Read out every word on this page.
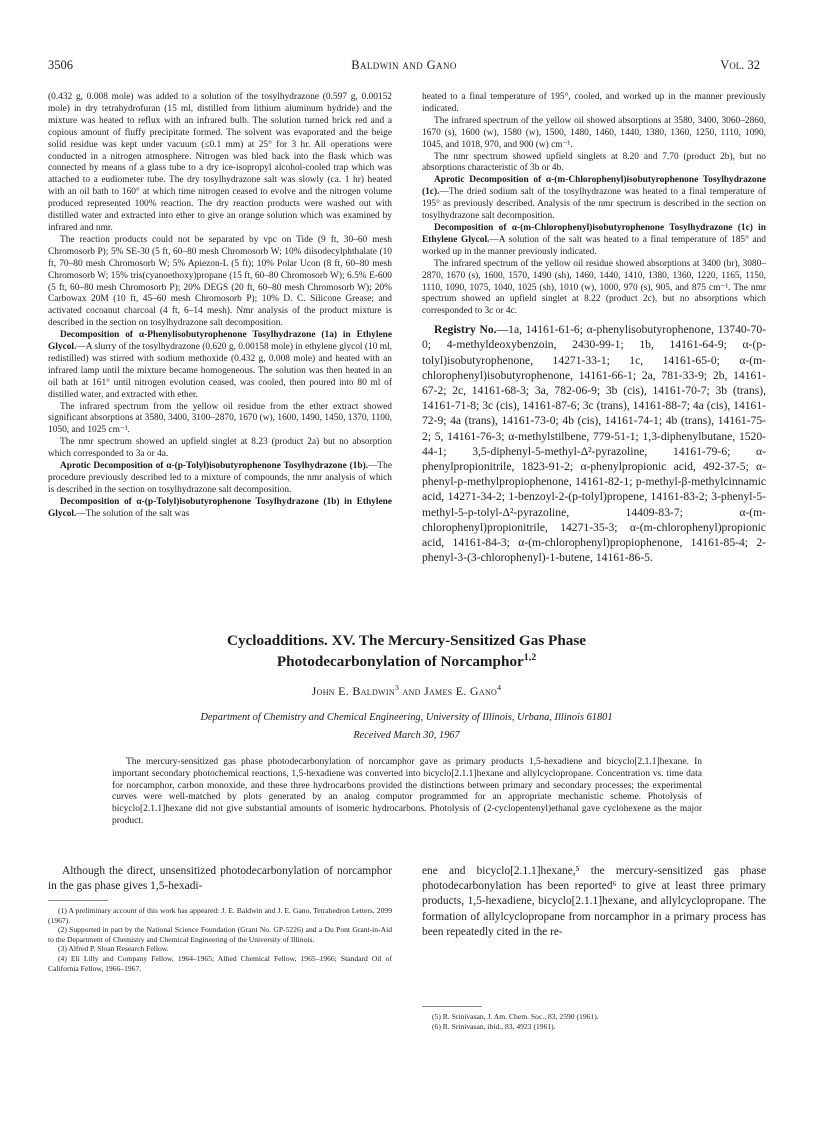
3506	Baldwin and Gano	Vol. 32

(0.432 g, 0.008 mole) was added to a solution of the tosylhydrazone (0.597 g, 0.00152 mole) in dry tetrahydrofuran (15 ml, distilled from lithium aluminum hydride) and the mixture was heated to reflux with an infrared bulb. The solution turned brick red and a copious amount of fluffy precipitate formed. The solvent was evaporated and the beige solid residue was kept under vacuum (≤0.1 mm) at 25° for 3 hr. All operations were conducted in a nitrogen atmosphere. Nitrogen was bled back into the flask which was connected by means of a glass tube to a dry ice-isopropyl alcohol-cooled trap which was attached to a eudiometer tube. The dry tosylhydrazone salt was slowly (ca. 1 hr) heated with an oil bath to 160° at which time nitrogen ceased to evolve and the nitrogen volume produced represented 100% reaction. The dry reaction products were washed out with distilled water and extracted into ether to give an orange solution which was examined by infrared and nmr.

The reaction products could not be separated by vpc on Tide (9 ft, 30–60 mesh Chromosorb P); 5% SE-30 (5 ft, 60–80 mesh Chromosorb W; 10% diisodecylphthalate (10 ft, 70–80 mesh Chromosorb W; 5% Apiezon-L (5 ft); 10% Polar Ucon (8 ft, 60–80 mesh Chromosorb W; 15% tris(cyanoethoxy)propane (15 ft, 60–80 Chromosorb W); 6.5% E-600 (5 ft, 60–80 mesh Chromosorb P); 20% DEGS (20 ft, 60–80 mesh Chromosorb W); 20% Carbowax 20M (10 ft, 45–60 mesh Chromosorb P); 10% D. C. Silicone Grease; and activated cocoanut charcoal (4 ft, 6–14 mesh). Nmr analysis of the product mixture is described in the section on tosylhydrazone salt decomposition.

Decomposition of α-Phenylisobutyrophenone Tosylhydrazone (1a) in Ethylene Glycol.—A slurry of the tosylhydrazone (0.620 g, 0.00158 mole) in ethylene glycol (10 ml, redistilled) was stirred with sodium methoxide (0.432 g, 0.008 mole) and heated with an infrared lamp until the mixture became homogeneous. The solution was then heated in an oil bath at 161° until nitrogen evolution ceased, was cooled, then poured into 80 ml of distilled water, and extracted with ether.

The infrared spectrum from the yellow oil residue from the ether extract showed significant absorptions at 3580, 3400, 3100–2870, 1670 (w), 1600, 1490, 1450, 1370, 1100, 1050, and 1025 cm⁻¹.

The nmr spectrum showed an upfield singlet at 8.23 (product 2a) but no absorption which corresponded to 3a or 4a.

Aprotic Decomposition of α-(p-Tolyl)isobutyrophenone Tosylhydrazone (1b).—The procedure previously described led to a mixture of compounds, the nmr analysis of which is described in the section on tosylhydrazone salt decomposition.

Decomposition of α-(p-Tolyl)isobutyrophenone Tosylhydrazone (1b) in Ethylene Glycol.—The solution of the salt was

heated to a final temperature of 195°, cooled, and worked up in the manner previously indicated.

The infrared spectrum of the yellow oil showed absorptions at 3580, 3400, 3060–2860, 1670 (s), 1600 (w), 1580 (w), 1500, 1480, 1460, 1440, 1380, 1360, 1250, 1110, 1090, 1045, and 1018, 970, and 900 (w) cm⁻¹.

The nmr spectrum showed upfield singlets at 8.20 and 7.70 (product 2b), but no absorptions characteristic of 3b or 4b.

Aprotic Decomposition of α-(m-Chlorophenyl)isobutyrophenone Tosylhydrazone (1c).—The dried sodium salt of the tosylhydrazone was heated to a final temperature of 195° as previously described. Analysis of the nmr spectrum is described in the section on tosylhydrazone salt decomposition.

Decomposition of α-(m-Chlorophenyl)isobutyrophenone Tosylhydrazone (1c) in Ethylene Glycol.—A solution of the salt was heated to a final temperature of 185° and worked up in the manner previously indicated.

The infrared spectrum of the yellow oil residue showed absorptions at 3400 (br), 3080–2870, 1670 (s), 1600, 1570, 1490 (sh), 1460, 1440, 1410, 1380, 1360, 1220, 1165, 1150, 1110, 1090, 1075, 1040, 1025 (sh), 1010 (w), 1000, 970 (s), 905, and 875 cm⁻¹. The nmr spectrum showed an upfield singlet at 8.22 (product 2c), but no absorptions which corresponded to 3c or 4c.

Registry No.—1a, 14161-61-6; α-phenylisobutyrophenone, 13740-70-0; 4-methyldeoxybenzoin, 2430-99-1; 1b, 14161-64-9; α-(p-tolyl)isobutyrophenone, 14271-33-1; 1c, 14161-65-0; α-(m-chlorophenyl)isobutyrophenone, 14161-66-1; 2a, 781-33-9; 2b, 14161-67-2; 2c, 14161-68-3; 3a, 782-06-9; 3b (cis), 14161-70-7; 3b (trans), 14161-71-8; 3c (cis), 14161-87-6; 3c (trans), 14161-88-7; 4a (cis), 14161-72-9; 4a (trans), 14161-73-0; 4b (cis), 14161-74-1; 4b (trans), 14161-75-2; 5, 14161-76-3; α-methylstilbene, 779-51-1; 1,3-diphenylbutane, 1520-44-1; 3,5-diphenyl-5-methyl-Δ²-pyrazoline, 14161-79-6; α-phenylpropionitrile, 1823-91-2; α-phenylpropionic acid, 492-37-5; α-phenyl-p-methylpropiophenone, 14161-82-1; p-methyl-β-methylcinnamic acid, 14271-34-2; 1-benzoyl-2-(p-tolyl)propene, 14161-83-2; 3-phenyl-5-methyl-5-p-tolyl-Δ²-pyrazoline, 14409-83-7; α-(m-chlorophenyl)propionitrile, 14271-35-3; α-(m-chlorophenyl)propionic acid, 14161-84-3; α-(m-chlorophenyl)propiophenone, 14161-85-4; 2-phenyl-3-(3-chlorophenyl)-1-butene, 14161-86-5.

Cycloadditions. XV. The Mercury-Sensitized Gas Phase
Photodecarbonylation of Norcamphor$^{1,2}$
John E. Baldwin$^3$ and James E. Gano$^4$
Department of Chemistry and Chemical Engineering, University of Illinois, Urbana, Illinois 61801
Received March 30, 1967

The mercury-sensitized gas phase photodecarbonylation of norcamphor gave as primary products 1,5-hexadiene and bicyclo[2.1.1]hexane. In important secondary photochemical reactions, 1,5-hexadiene was converted into bicyclo[2.1.1]hexane and allylcyclopropane. Concentration vs. time data for norcamphor, carbon monoxide, and these three hydrocarbons provided the distinctions between primary and secondary processes; the experimental curves were well-matched by plots generated by an analog computor programmed for an appropriate mechanistic scheme. Photolysis of bicyclo[2.1.1]hexane did not give substantial amounts of isomeric hydrocarbons. Photolysis of (2-cyclopentenyl)ethanal gave cyclohexene as the major product.

Although the direct, unsensitized photodecarbonylation of norcamphor in the gas phase gives 1,5-hexadi-

ene and bicyclo[2.1.1]hexane,⁵ the mercury-sensitized gas phase photodecarbonylation has been reported⁶ to give at least three primary products, 1,5-hexadiene, bicyclo[2.1.1]hexane, and allylcyclopropane. The formation of allylcyclopropane from norcamphor in a primary process has been repeatedly cited in the re-

(1) A preliminary account of this work has appeared: J. E. Baldwin and J. E. Gano, Tetrahedron Letters, 2099 (1967).

(2) Supported in part by the National Science Foundation (Grant No. GP-5226) and a Du Pont Grant-in-Aid to the Department of Chemistry and Chemical Engineering of the University of Illinois.

(3) Alfred P. Sloan Research Fellow.

(4) Eli Lilly and Company Fellow, 1964–1965; Allied Chemical Fellow, 1965–1966; Standard Oil of California Fellow, 1966–1967.

(5) R. Srinivasan, J. Am. Chem. Soc., 83, 2590 (1961).

(6) R. Srinivasan, ibid., 83, 4923 (1961).
